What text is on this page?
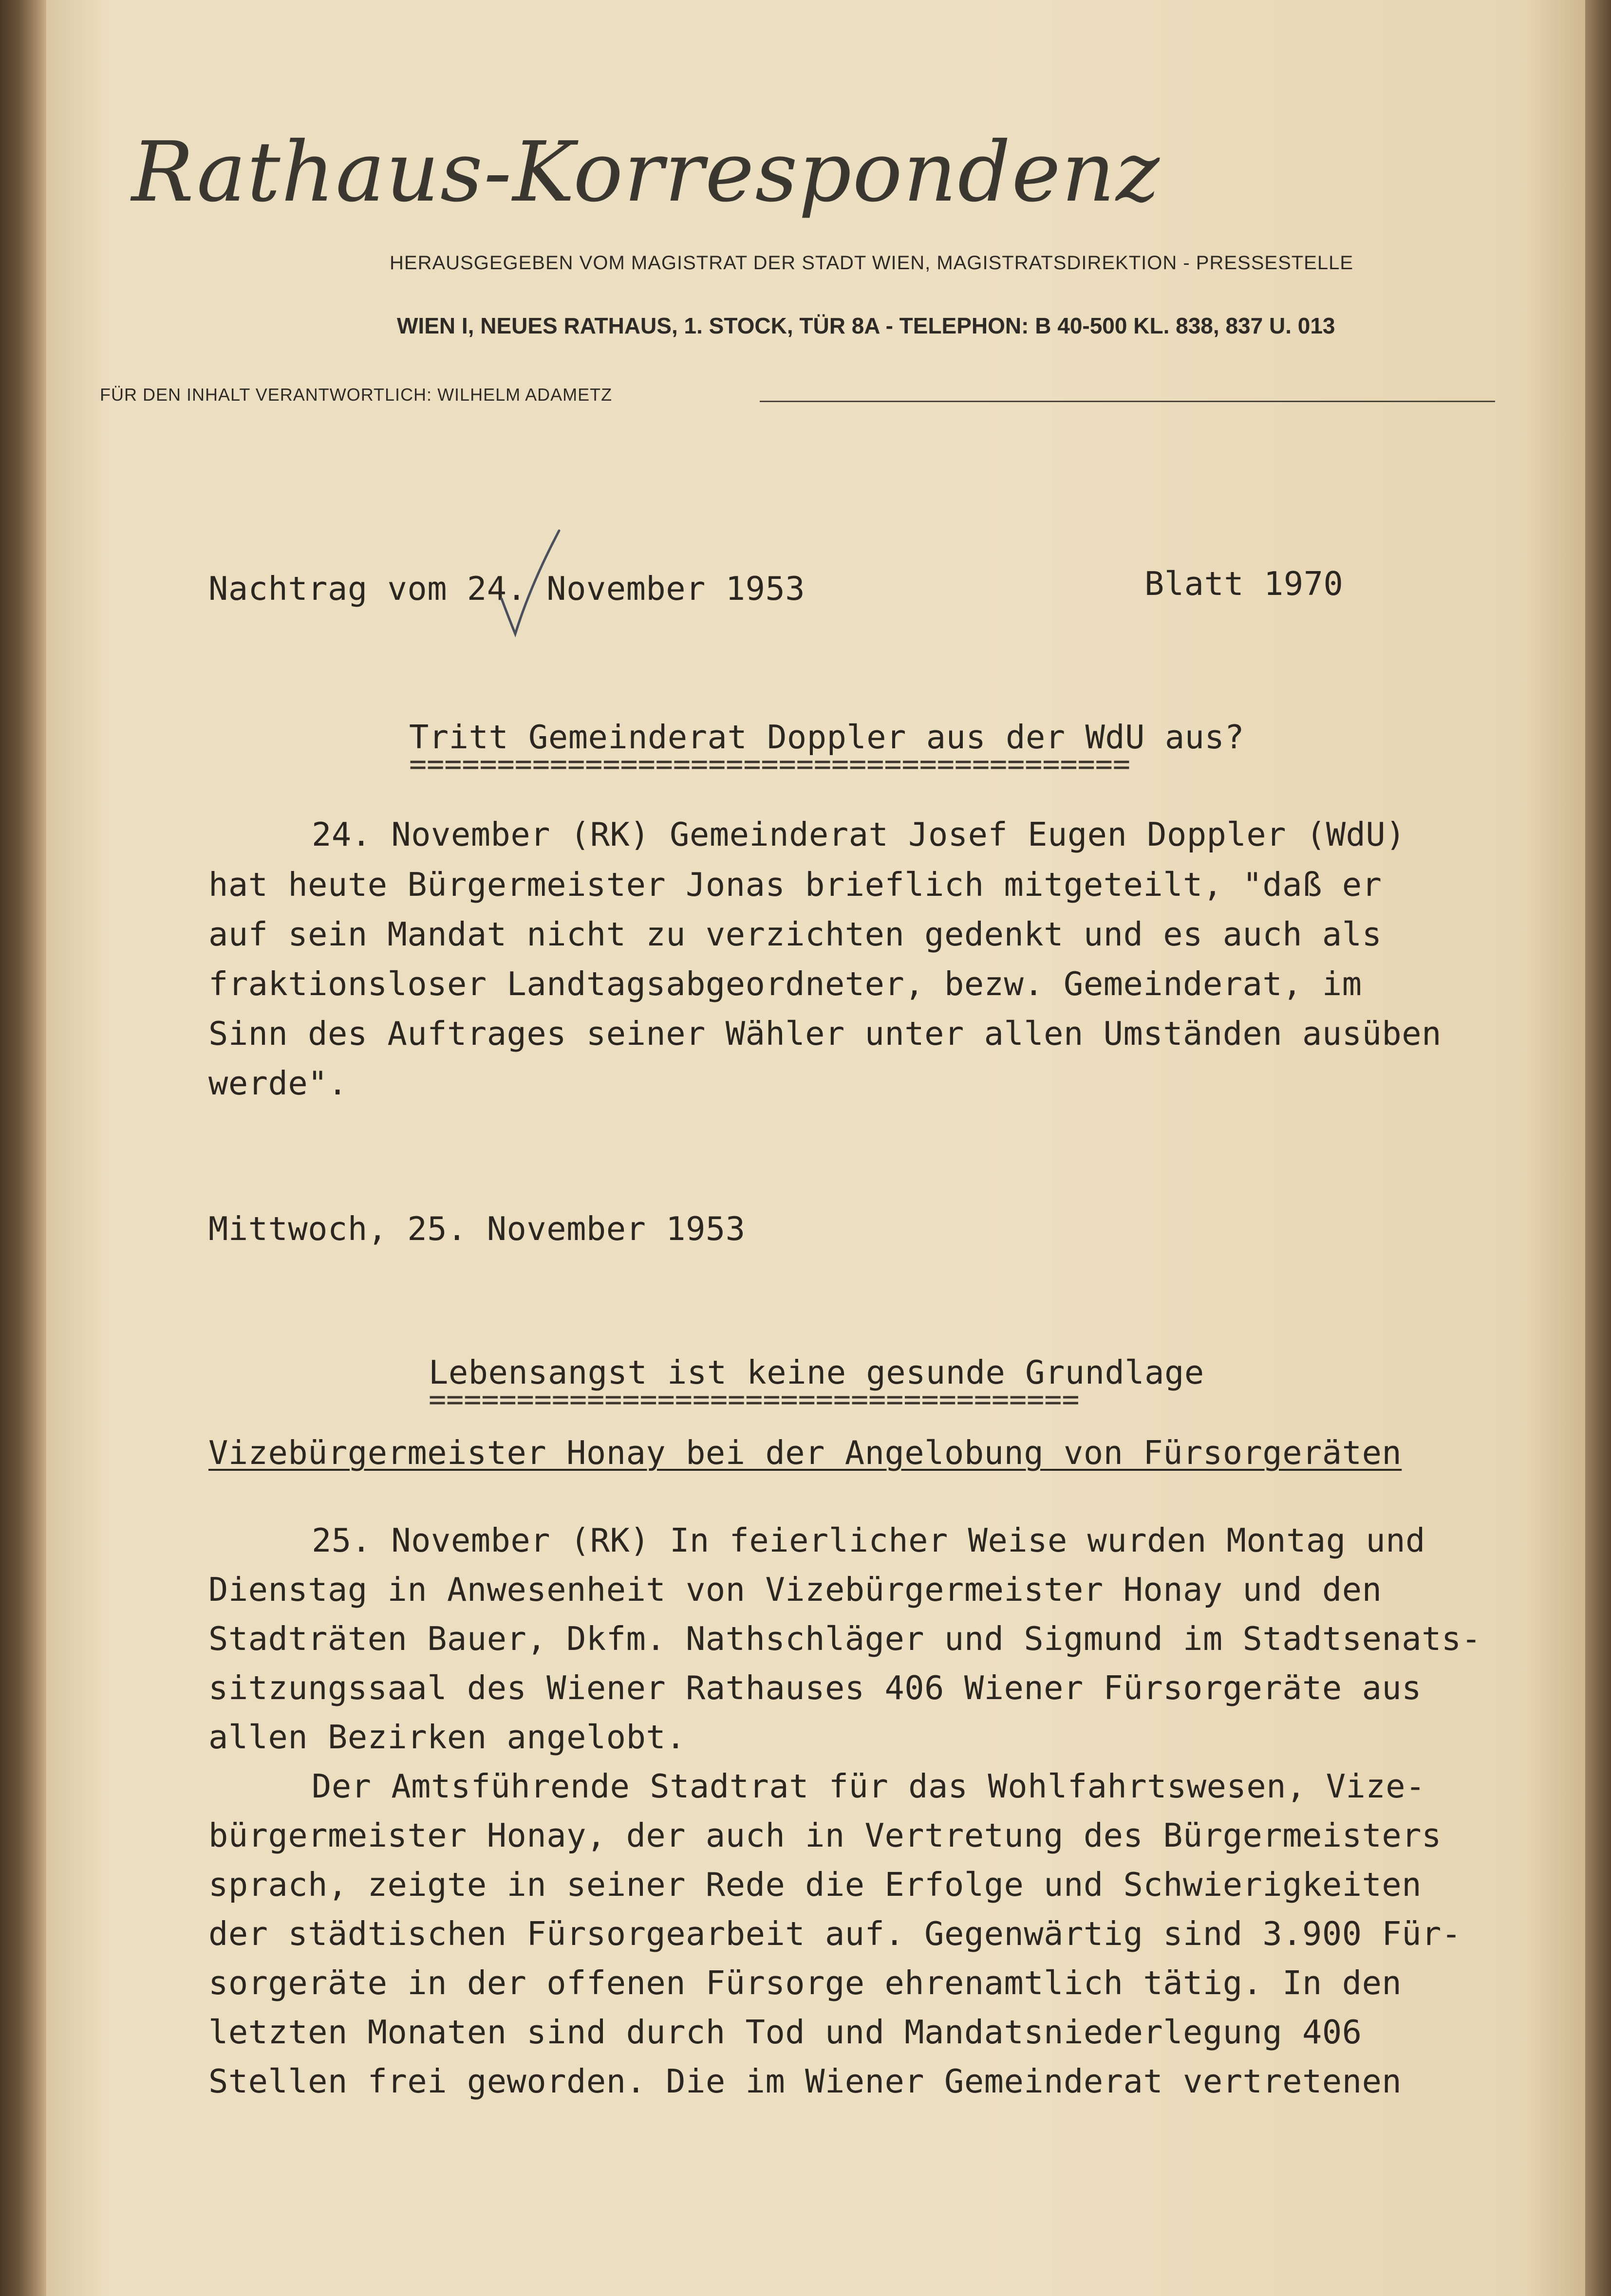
Rathaus-Korrespondenz
HERAUSGEGEBEN VOM MAGISTRAT DER STADT WIEN, MAGISTRATSDIREKTION - PRESSESTELLE
WIEN I, NEUES RATHAUS, 1. STOCK, TÜR 8A - TELEPHON: B 40-500 KL. 838, 837 U. 013
FÜR DEN INHALT VERANTWORTLICH: WILHELM ADAMETZ
Nachtrag vom 24. November 1953	Blatt 1970
Tritt Gemeinderat Doppler aus der WdU aus?
=========================================
24. November (RK) Gemeinderat Josef Eugen Doppler (WdU)
hat heute Bürgermeister Jonas brieflich mitgeteilt, "daß er
auf sein Mandat nicht zu verzichten gedenkt und es auch als
fraktionsloser Landtagsabgeordneter, bezw. Gemeinderat, im
Sinn des Auftrages seiner Wähler unter allen Umständen ausüben
werde".
Mittwoch, 25. November 1953
Lebensangst ist keine gesunde Grundlage
=====================================
Vizebürgermeister Honay bei der Angelobung von Fürsorgeräten
25. November (RK) In feierlicher Weise wurden Montag und
Dienstag in Anwesenheit von Vizebürgermeister Honay und den
Stadträten Bauer, Dkfm. Nathschläger und Sigmund im Stadtsenats-
sitzungssaal des Wiener Rathauses 406 Wiener Fürsorgeräte aus
allen Bezirken angelobt.
Der Amtsführende Stadtrat für das Wohlfahrtswesen, Vize-
bürgermeister Honay, der auch in Vertretung des Bürgermeisters
sprach, zeigte in seiner Rede die Erfolge und Schwierigkeiten
der städtischen Fürsorgearbeit auf. Gegenwärtig sind 3.900 Für-
sorgeräte in der offenen Fürsorge ehrenamtlich tätig. In den
letzten Monaten sind durch Tod und Mandatsniederlegung 406
Stellen frei geworden. Die im Wiener Gemeinderat vertretenen
